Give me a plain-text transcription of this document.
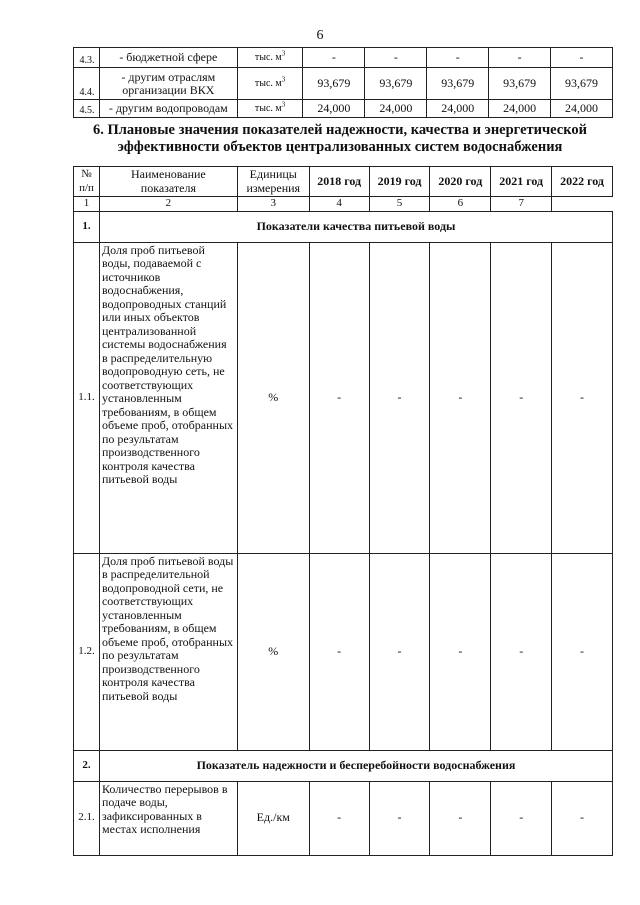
6
4.3.	- бюджетной сфере	тыс. $м^3$	-	-	-	-	-
4.4.	- другим отраслям организации ВКХ	тыс. $м^3$	93,679	93,679	93,679	93,679	93,679
4.5.	- другим водопроводам	тыс. $м^3$	24,000	24,000	24,000	24,000	24,000
6. Плановые значения показателей надежности, качества и энергетической эффективности объектов централизованных систем водоснабжения
№ п/п	Наименование показателя	Единицы измерения	2018 год	2019 год	2020 год	2021 год	2022 год
1	2	3	4	5	6	7	
1.	Показатели качества питьевой воды						
1.1.	Доля проб питьевой воды, подаваемой с источников водоснабжения, водопроводных станций или иных объектов централизованной системы водоснабжения в распределительную водопроводную сеть, не соответствующих установленным требованиям, в общем объеме проб, отобранных по результатам производственного контроля качества питьевой воды	%	-	-	-	-	-
1.2.	Доля проб питьевой воды в распределительной водопроводной сети, не соответствующих установленным требованиям, в общем объеме проб, отобранных по результатам производственного контроля качества питьевой воды	%	-	-	-	-	-
2.	Показатель надежности и бесперебойности водоснабжения						
2.1.	Количество перерывов в подаче воды, зафиксированных в местах исполнения	Ед./км	-	-	-	-	-
